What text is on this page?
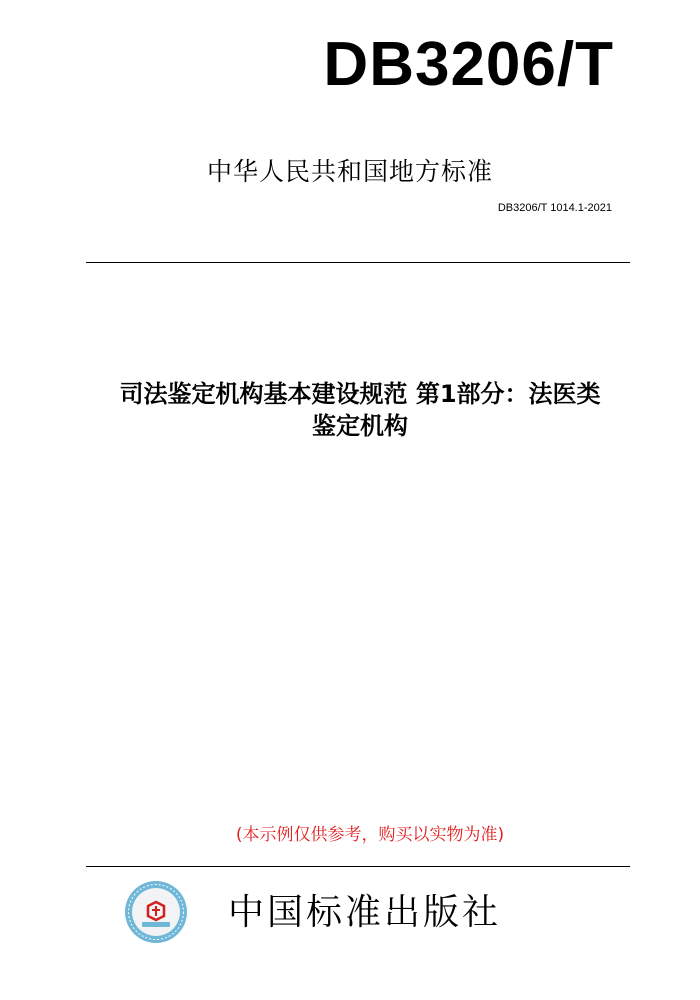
DB3206/T
中华人民共和国地方标准
DB3206/T 1014.1-2021
司法鉴定机构基本建设规范 第1部分：法医类
鉴定机构
(本示例仅供参考，购买以实物为准)
中国标准出版社
